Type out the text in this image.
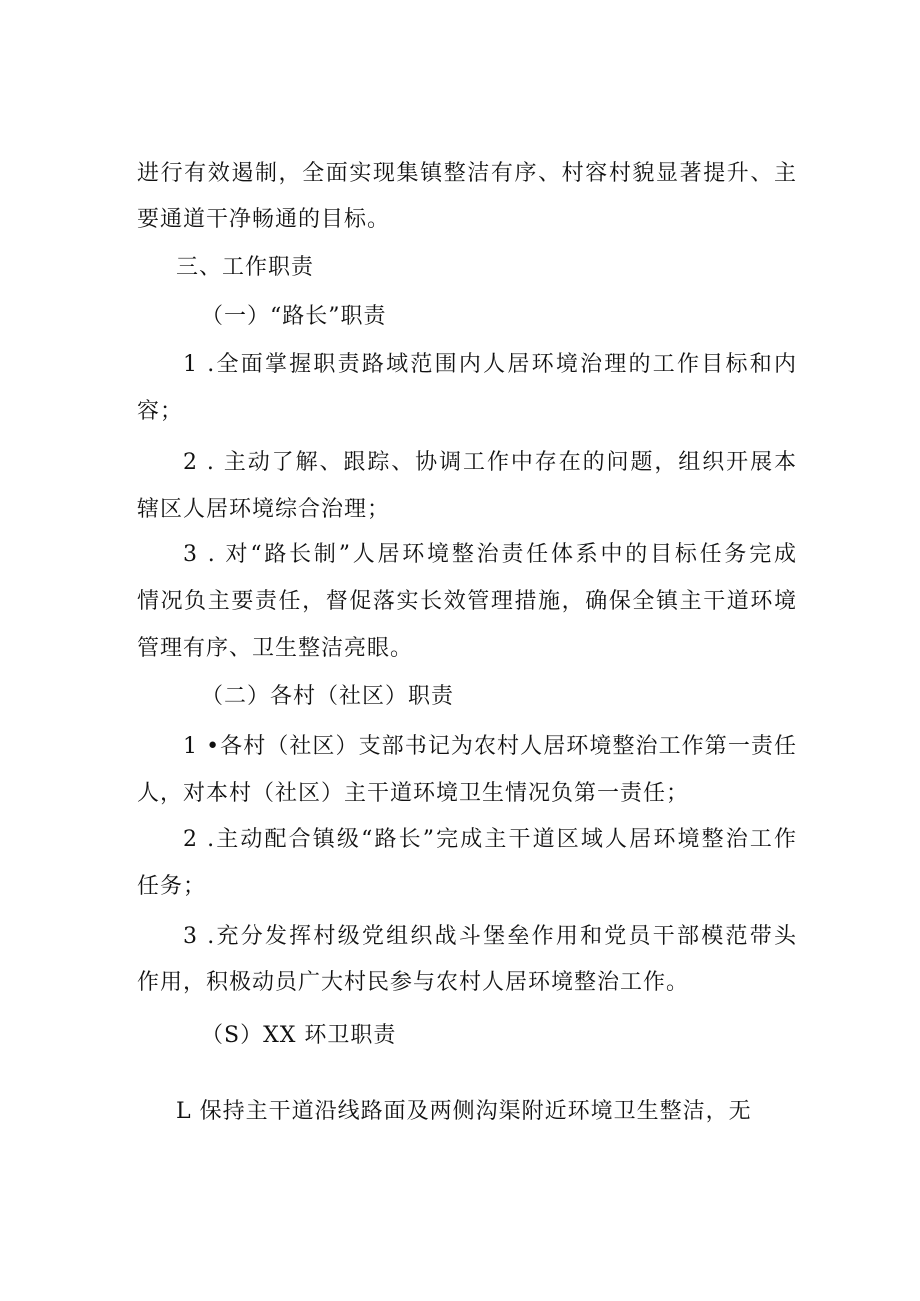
进行有效遏制，全面实现集镇整洁有序、村容村貌显著提升、主
要通道干净畅通的目标。
三、工作职责
（一）“路长”职责
1 .全面掌握职责路域范围内人居环境治理的工作目标和内
容；
2 . 主动了解、跟踪、协调工作中存在的问题，组织开展本
辖区人居环境综合治理；
3 . 对“路长制”人居环境整治责任体系中的目标任务完成
情况负主要责任，督促落实长效管理措施，确保全镇主干道环境
管理有序、卫生整洁亮眼。
（二）各村（社区）职责
1 •各村（社区）支部书记为农村人居环境整治工作第一责任
人，对本村（社区）主干道环境卫生情况负第一责任；
2 .主动配合镇级“路长”完成主干道区域人居环境整治工作
任务；
3 .充分发挥村级党组织战斗堡垒作用和党员干部模范带头
作用，积极动员广大村民参与农村人居环境整治工作。
（S）XX 环卫职责
L 保持主干道沿线路面及两侧沟渠附近环境卫生整洁，无
